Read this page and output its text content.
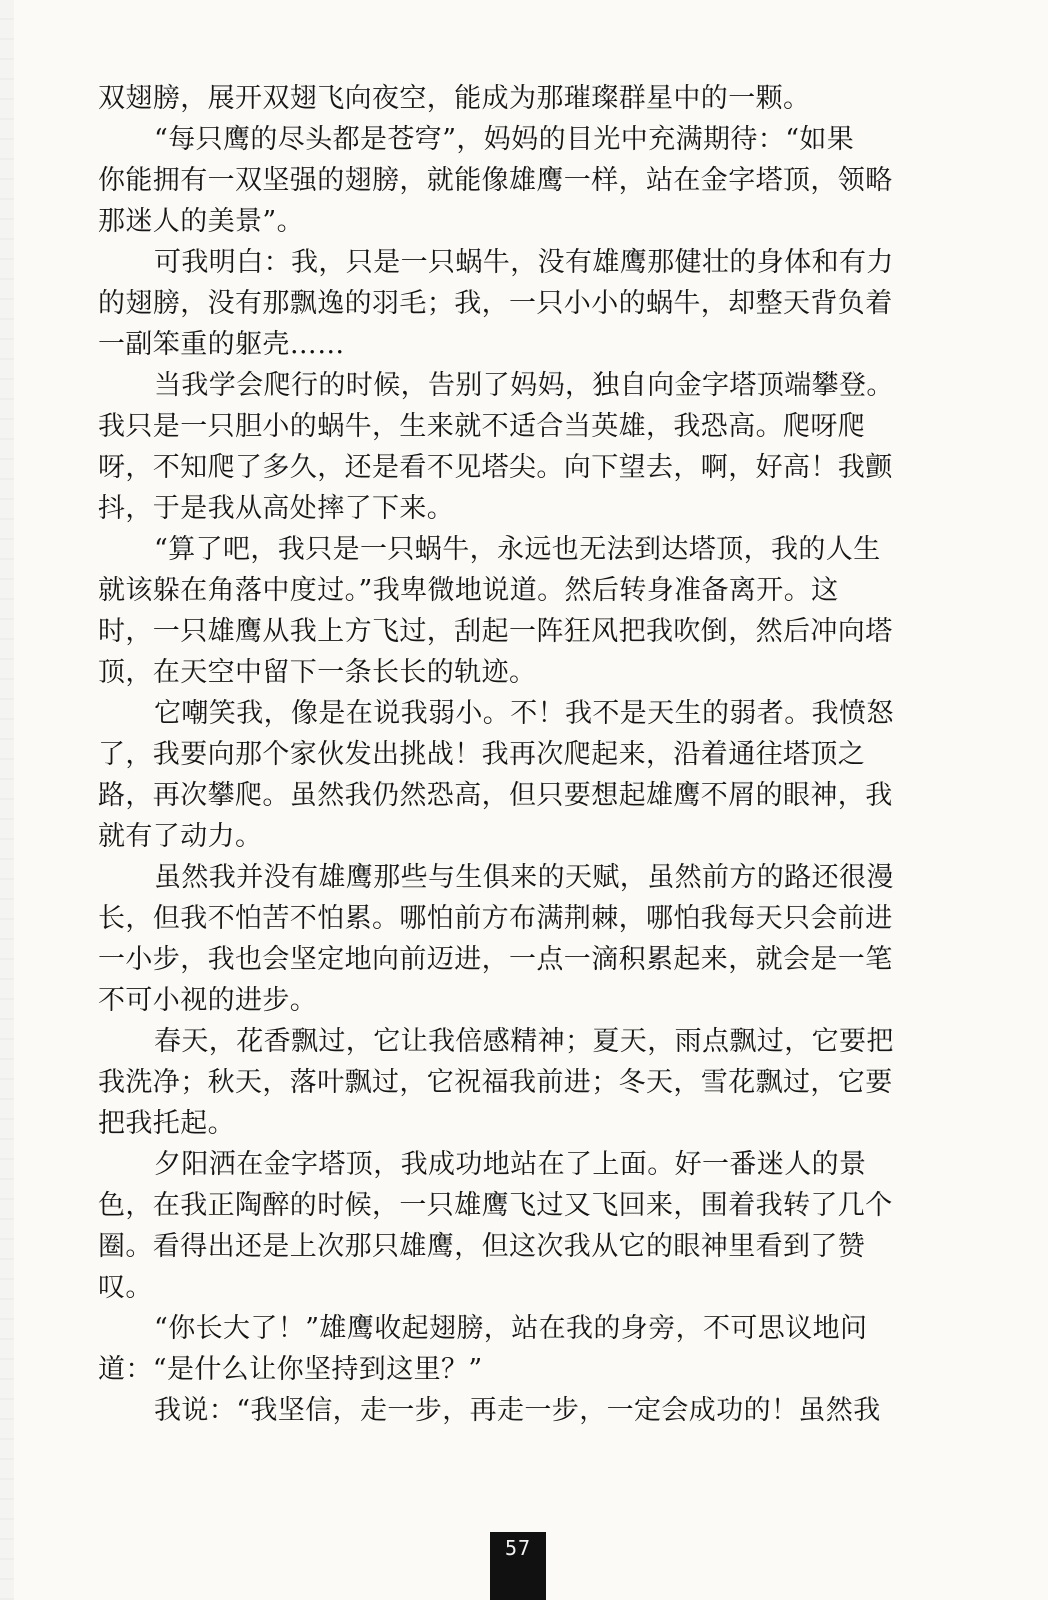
双翅膀，展开双翅飞向夜空，能成为那璀璨群星中的一颗。
“每只鹰的尽头都是苍穹”，妈妈的目光中充满期待：“如果
你能拥有一双坚强的翅膀，就能像雄鹰一样，站在金字塔顶，领略
那迷人的美景”。
可我明白：我，只是一只蜗牛，没有雄鹰那健壮的身体和有力
的翅膀，没有那飘逸的羽毛；我，一只小小的蜗牛，却整天背负着
一副笨重的躯壳……
当我学会爬行的时候，告别了妈妈，独自向金字塔顶端攀登。
我只是一只胆小的蜗牛，生来就不适合当英雄，我恐高。爬呀爬
呀，不知爬了多久，还是看不见塔尖。向下望去，啊，好高！我颤
抖，于是我从高处摔了下来。
“算了吧，我只是一只蜗牛，永远也无法到达塔顶，我的人生
就该躲在角落中度过。”我卑微地说道。然后转身准备离开。这
时，一只雄鹰从我上方飞过，刮起一阵狂风把我吹倒，然后冲向塔
顶，在天空中留下一条长长的轨迹。
它嘲笑我，像是在说我弱小。不！我不是天生的弱者。我愤怒
了，我要向那个家伙发出挑战！我再次爬起来，沿着通往塔顶之
路，再次攀爬。虽然我仍然恐高，但只要想起雄鹰不屑的眼神，我
就有了动力。
虽然我并没有雄鹰那些与生俱来的天赋，虽然前方的路还很漫
长，但我不怕苦不怕累。哪怕前方布满荆棘，哪怕我每天只会前进
一小步，我也会坚定地向前迈进，一点一滴积累起来，就会是一笔
不可小视的进步。
春天，花香飘过，它让我倍感精神；夏天，雨点飘过，它要把
我洗净；秋天，落叶飘过，它祝福我前进；冬天，雪花飘过，它要
把我托起。
夕阳洒在金字塔顶，我成功地站在了上面。好一番迷人的景
色，在我正陶醉的时候，一只雄鹰飞过又飞回来，围着我转了几个
圈。看得出还是上次那只雄鹰，但这次我从它的眼神里看到了赞
叹。
“你长大了！”雄鹰收起翅膀，站在我的身旁，不可思议地问
道：“是什么让你坚持到这里？”
我说：“我坚信，走一步，再走一步，一定会成功的！虽然我
57
